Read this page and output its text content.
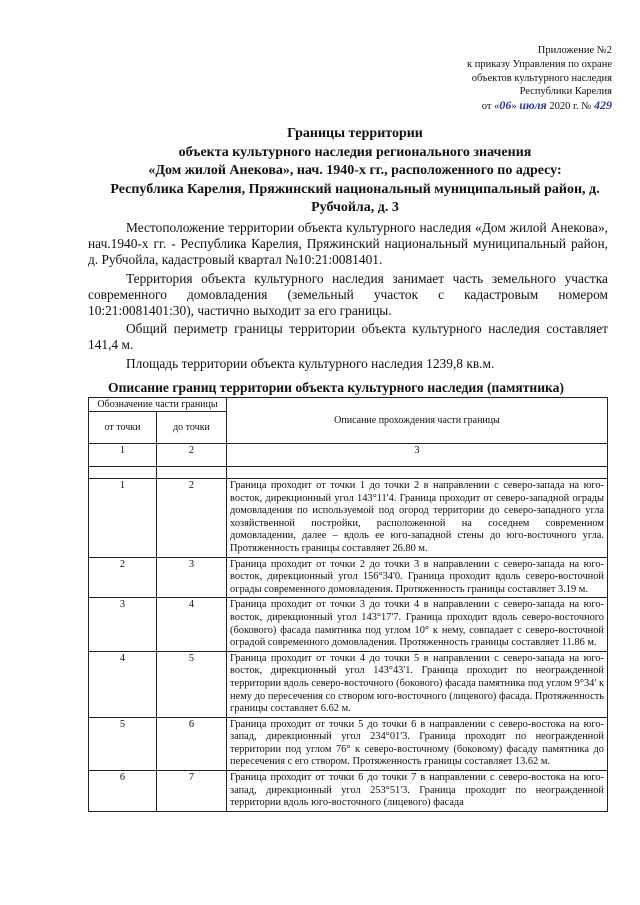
Приложение №2
к приказу Управления по охране
объектов культурного наследия
Республики Карелия
от «06» июля 2020 г. № 429
Границы территории
объекта культурного наследия регионального значения
«Дом жилой Анекова», нач. 1940-х гг., расположенного по адресу:
Республика Карелия, Пряжинский национальный муниципальный район, д.
Рубчойла, д. 3

Местоположение территории объекта культурного наследия «Дом жилой Анекова», нач.1940-х гг. - Республика Карелия, Пряжинский национальный муниципальный район, д. Рубчойла, кадастровый квартал №10:21:0081401.

Территория объекта культурного наследия занимает часть земельного участка современного домовладения (земельный участок с кадастровым номером 10:21:0081401:30), частично выходит за его границы.

Общий периметр границы территории объекта культурного наследия составляет 141,4 м.

Площадь территории объекта культурного наследия 1239,8 кв.м.

Описание границ территории объекта культурного наследия (памятника)
Обозначение части границы		Описание прохождения части границы
от точки	до точки	
1	2	3

1	2	Граница проходит от точки 1 до точки 2 в направлении с северо-запада на юго-восток, дирекционный угол 143°11'4. Граница проходит от северо-западной ограды домовладения по используемой под огород территории до северо-западного угла хозяйственной постройки, расположенной на соседнем современном домовладении, далее – вдоль ее юго-западной стены до юго-восточного угла. Протяженность границы составляет 26.80 м.
2	3	Граница проходит от точки 2 до точки 3 в направлении с северо-запада на юго-восток, дирекционный угол 156°34'0. Граница проходит вдоль северо-восточной ограды современного домовладения. Протяженность границы составляет 3.19 м.
3	4	Граница проходит от точки 3 до точки 4 в направлении с северо-запада на юго-восток, дирекционный угол 143°17'7. Граница проходит вдоль северо-восточного (бокового) фасада памятника под углом 10° к нему, совпадает с северо-восточной оградой современного домовладения. Протяженность границы составляет 11.86 м.
4	5	Граница проходит от точки 4 до точки 5 в направлении с северо-запада на юго-восток, дирекционный угол 143°43'1. Граница проходит по неогражденной территории вдоль северо-восточного (бокового) фасада памятника под углом 9°34' к нему до пересечения со створом юго-восточного (лицевого) фасада. Протяженность границы составляет 6.62 м.
5	6	Граница проходит от точки 5 до точки 6 в направлении с северо-востока на юго-запад, дирекционный угол 234°01'3. Граница проходит по неогражденной территории под углом 76° к северо-восточному (боковому) фасаду памятника до пересечения с его створом. Протяженность границы составляет 13.62 м.
6	7	Граница проходит от точки 6 до точки 7 в направлении с северо-востока на юго-запад, дирекционный угол 253°51'3. Граница проходит по неогражденной территории вдоль юго-восточного (лицевого) фасада
